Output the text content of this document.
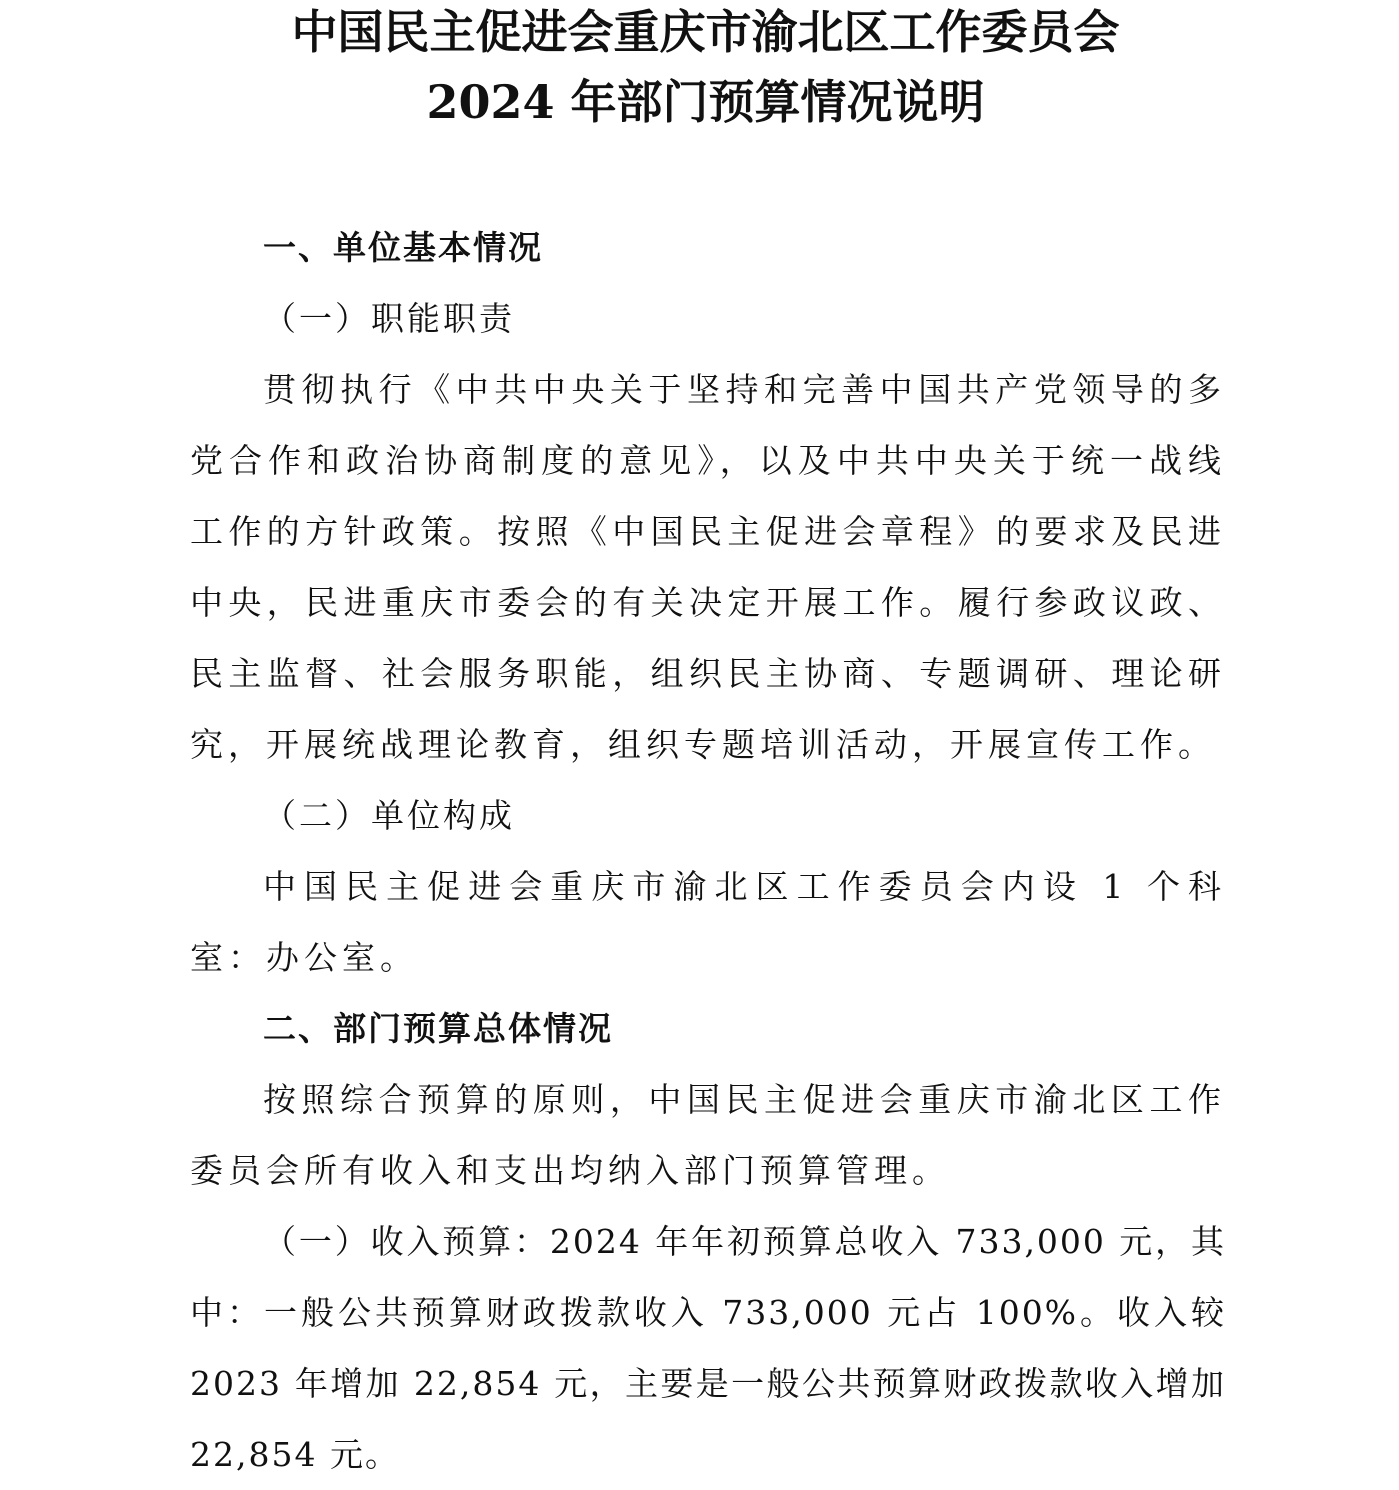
中国民主促进会重庆市渝北区工作委员会
2024 年部门预算情况说明

一、单位基本情况

（一）职能职责

贯彻执行《中共中央关于坚持和完善中国共产党领导的多党合作和政治协商制度的意见》，以及中共中央关于统一战线工作的方针政策。按照《中国民主促进会章程》的要求及民进中央，民进重庆市委会的有关决定开展工作。履行参政议政、民主监督、社会服务职能，组织民主协商、专题调研、理论研究，开展统战理论教育，组织专题培训活动，开展宣传工作。

（二）单位构成

中国民主促进会重庆市渝北区工作委员会内设 1 个科室：办公室。

二、部门预算总体情况

按照综合预算的原则，中国民主促进会重庆市渝北区工作委员会所有收入和支出均纳入部门预算管理。

（一）收入预算：2024 年年初预算总收入 733,000 元，其中：一般公共预算财政拨款收入 733,000 元占 100%。收入较 2023 年增加 22,854 元，主要是一般公共预算财政拨款收入增加 22,854 元。
